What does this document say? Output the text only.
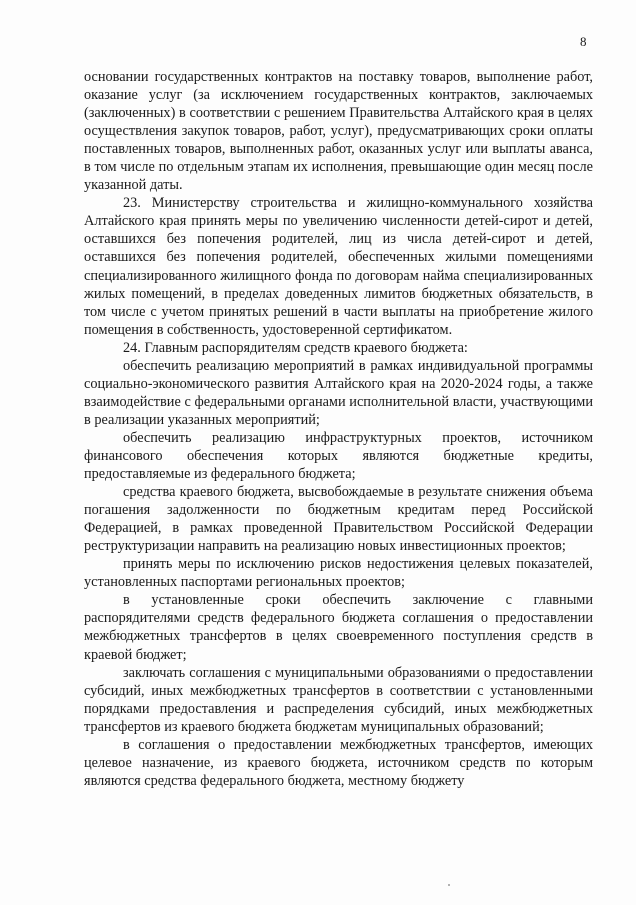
8

основании государственных контрактов на поставку товаров, выполнение работ, оказание услуг (за исключением государственных контрактов, заключаемых (заключенных) в соответствии с решением Правительства Алтайского края в целях осуществления закупок товаров, работ, услуг), предусматривающих сроки оплаты поставленных товаров, выполненных работ, оказанных услуг или выплаты аванса, в том числе по отдельным этапам их исполнения, превышающие один месяц после указанной даты.

23. Министерству строительства и жилищно-коммунального хозяйства Алтайского края принять меры по увеличению численности детей-сирот и детей, оставшихся без попечения родителей, лиц из числа детей-сирот и детей, оставшихся без попечения родителей, обеспеченных жилыми помещениями специализированного жилищного фонда по договорам найма специализированных жилых помещений, в пределах доведенных лимитов бюджетных обязательств, в том числе с учетом принятых решений в части выплаты на приобретение жилого помещения в собственность, удостоверенной сертификатом.

24. Главным распорядителям средств краевого бюджета:

обеспечить реализацию мероприятий в рамках индивидуальной программы социально-экономического развития Алтайского края на 2020-2024 годы, а также взаимодействие с федеральными органами исполнительной власти, участвующими в реализации указанных мероприятий;

обеспечить реализацию инфраструктурных проектов, источником финансового обеспечения которых являются бюджетные кредиты, предоставляемые из федерального бюджета;

средства краевого бюджета, высвобождаемые в результате снижения объема погашения задолженности по бюджетным кредитам перед Российской Федерацией, в рамках проведенной Правительством Российской Федерации реструктуризации направить на реализацию новых инвестиционных проектов;

принять меры по исключению рисков недостижения целевых показателей, установленных паспортами региональных проектов;

в установленные сроки обеспечить заключение с главными распорядителями средств федерального бюджета соглашения о предоставлении межбюджетных трансфертов в целях своевременного поступления средств в краевой бюджет;

заключать соглашения с муниципальными образованиями о предоставлении субсидий, иных межбюджетных трансфертов в соответствии с установленными порядками предоставления и распределения субсидий, иных межбюджетных трансфертов из краевого бюджета бюджетам муниципальных образований;

в соглашения о предоставлении межбюджетных трансфертов, имеющих целевое назначение, из краевого бюджета, источником средств по которым являются средства федерального бюджета, местному бюджету
